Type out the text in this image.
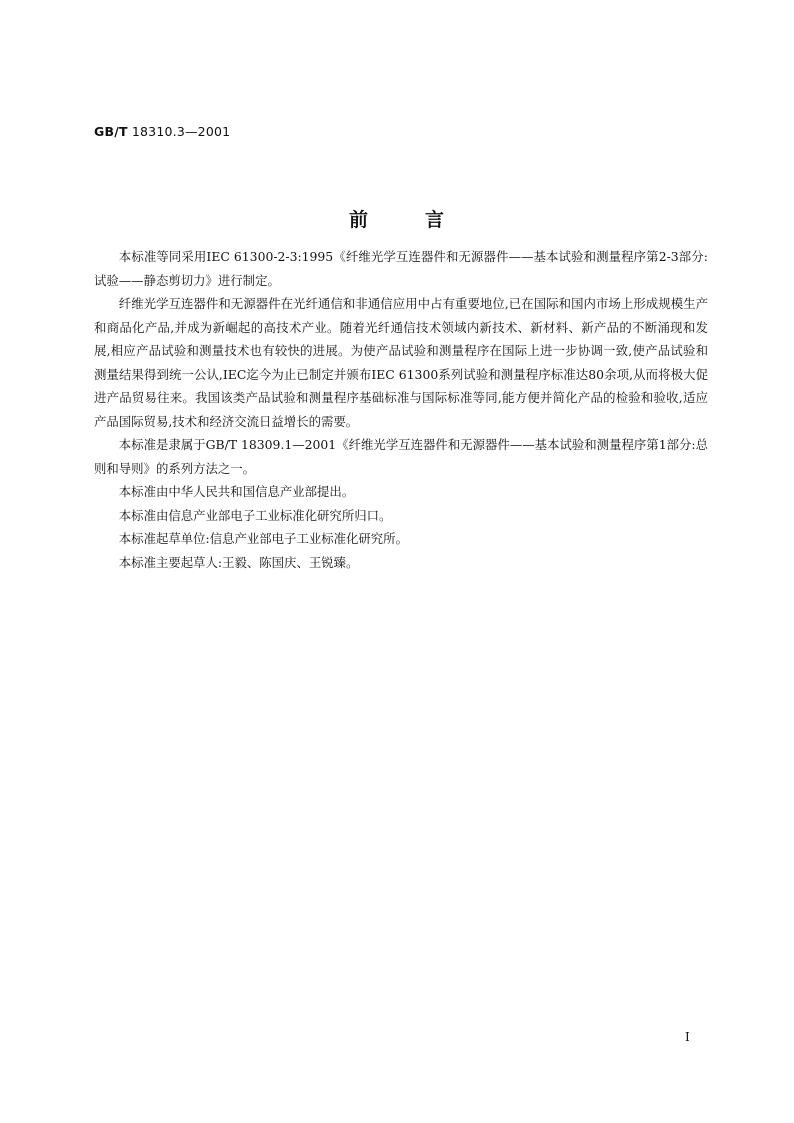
GB/T 18310.3—2001
前	言

本标准等同采用IEC 61300-2-3:1995《纤维光学互连器件和无源器件——基本试验和测量程序第2-3部分:试验——静态剪切力》进行制定。

纤维光学互连器件和无源器件在光纤通信和非通信应用中占有重要地位,已在国际和国内市场上形成规模生产和商品化产品,并成为新崛起的高技术产业。随着光纤通信技术领域内新技术、新材料、新产品的不断涌现和发展,相应产品试验和测量技术也有较快的进展。为使产品试验和测量程序在国际上进一步协调一致,使产品试验和测量结果得到统一公认,IEC迄今为止已制定并颁布IEC 61300系列试验和测量程序标准达80余项,从而将极大促进产品贸易往来。我国该类产品试验和测量程序基础标准与国际标准等同,能方便并简化产品的检验和验收,适应产品国际贸易,技术和经济交流日益增长的需要。

本标准是隶属于GB/T 18309.1—2001《纤维光学互连器件和无源器件——基本试验和测量程序第1部分:总则和导则》的系列方法之一。

本标准由中华人民共和国信息产业部提出。

本标准由信息产业部电子工业标准化研究所归口。

本标准起草单位:信息产业部电子工业标准化研究所。

本标准主要起草人:王毅、陈国庆、王锐臻。

I
